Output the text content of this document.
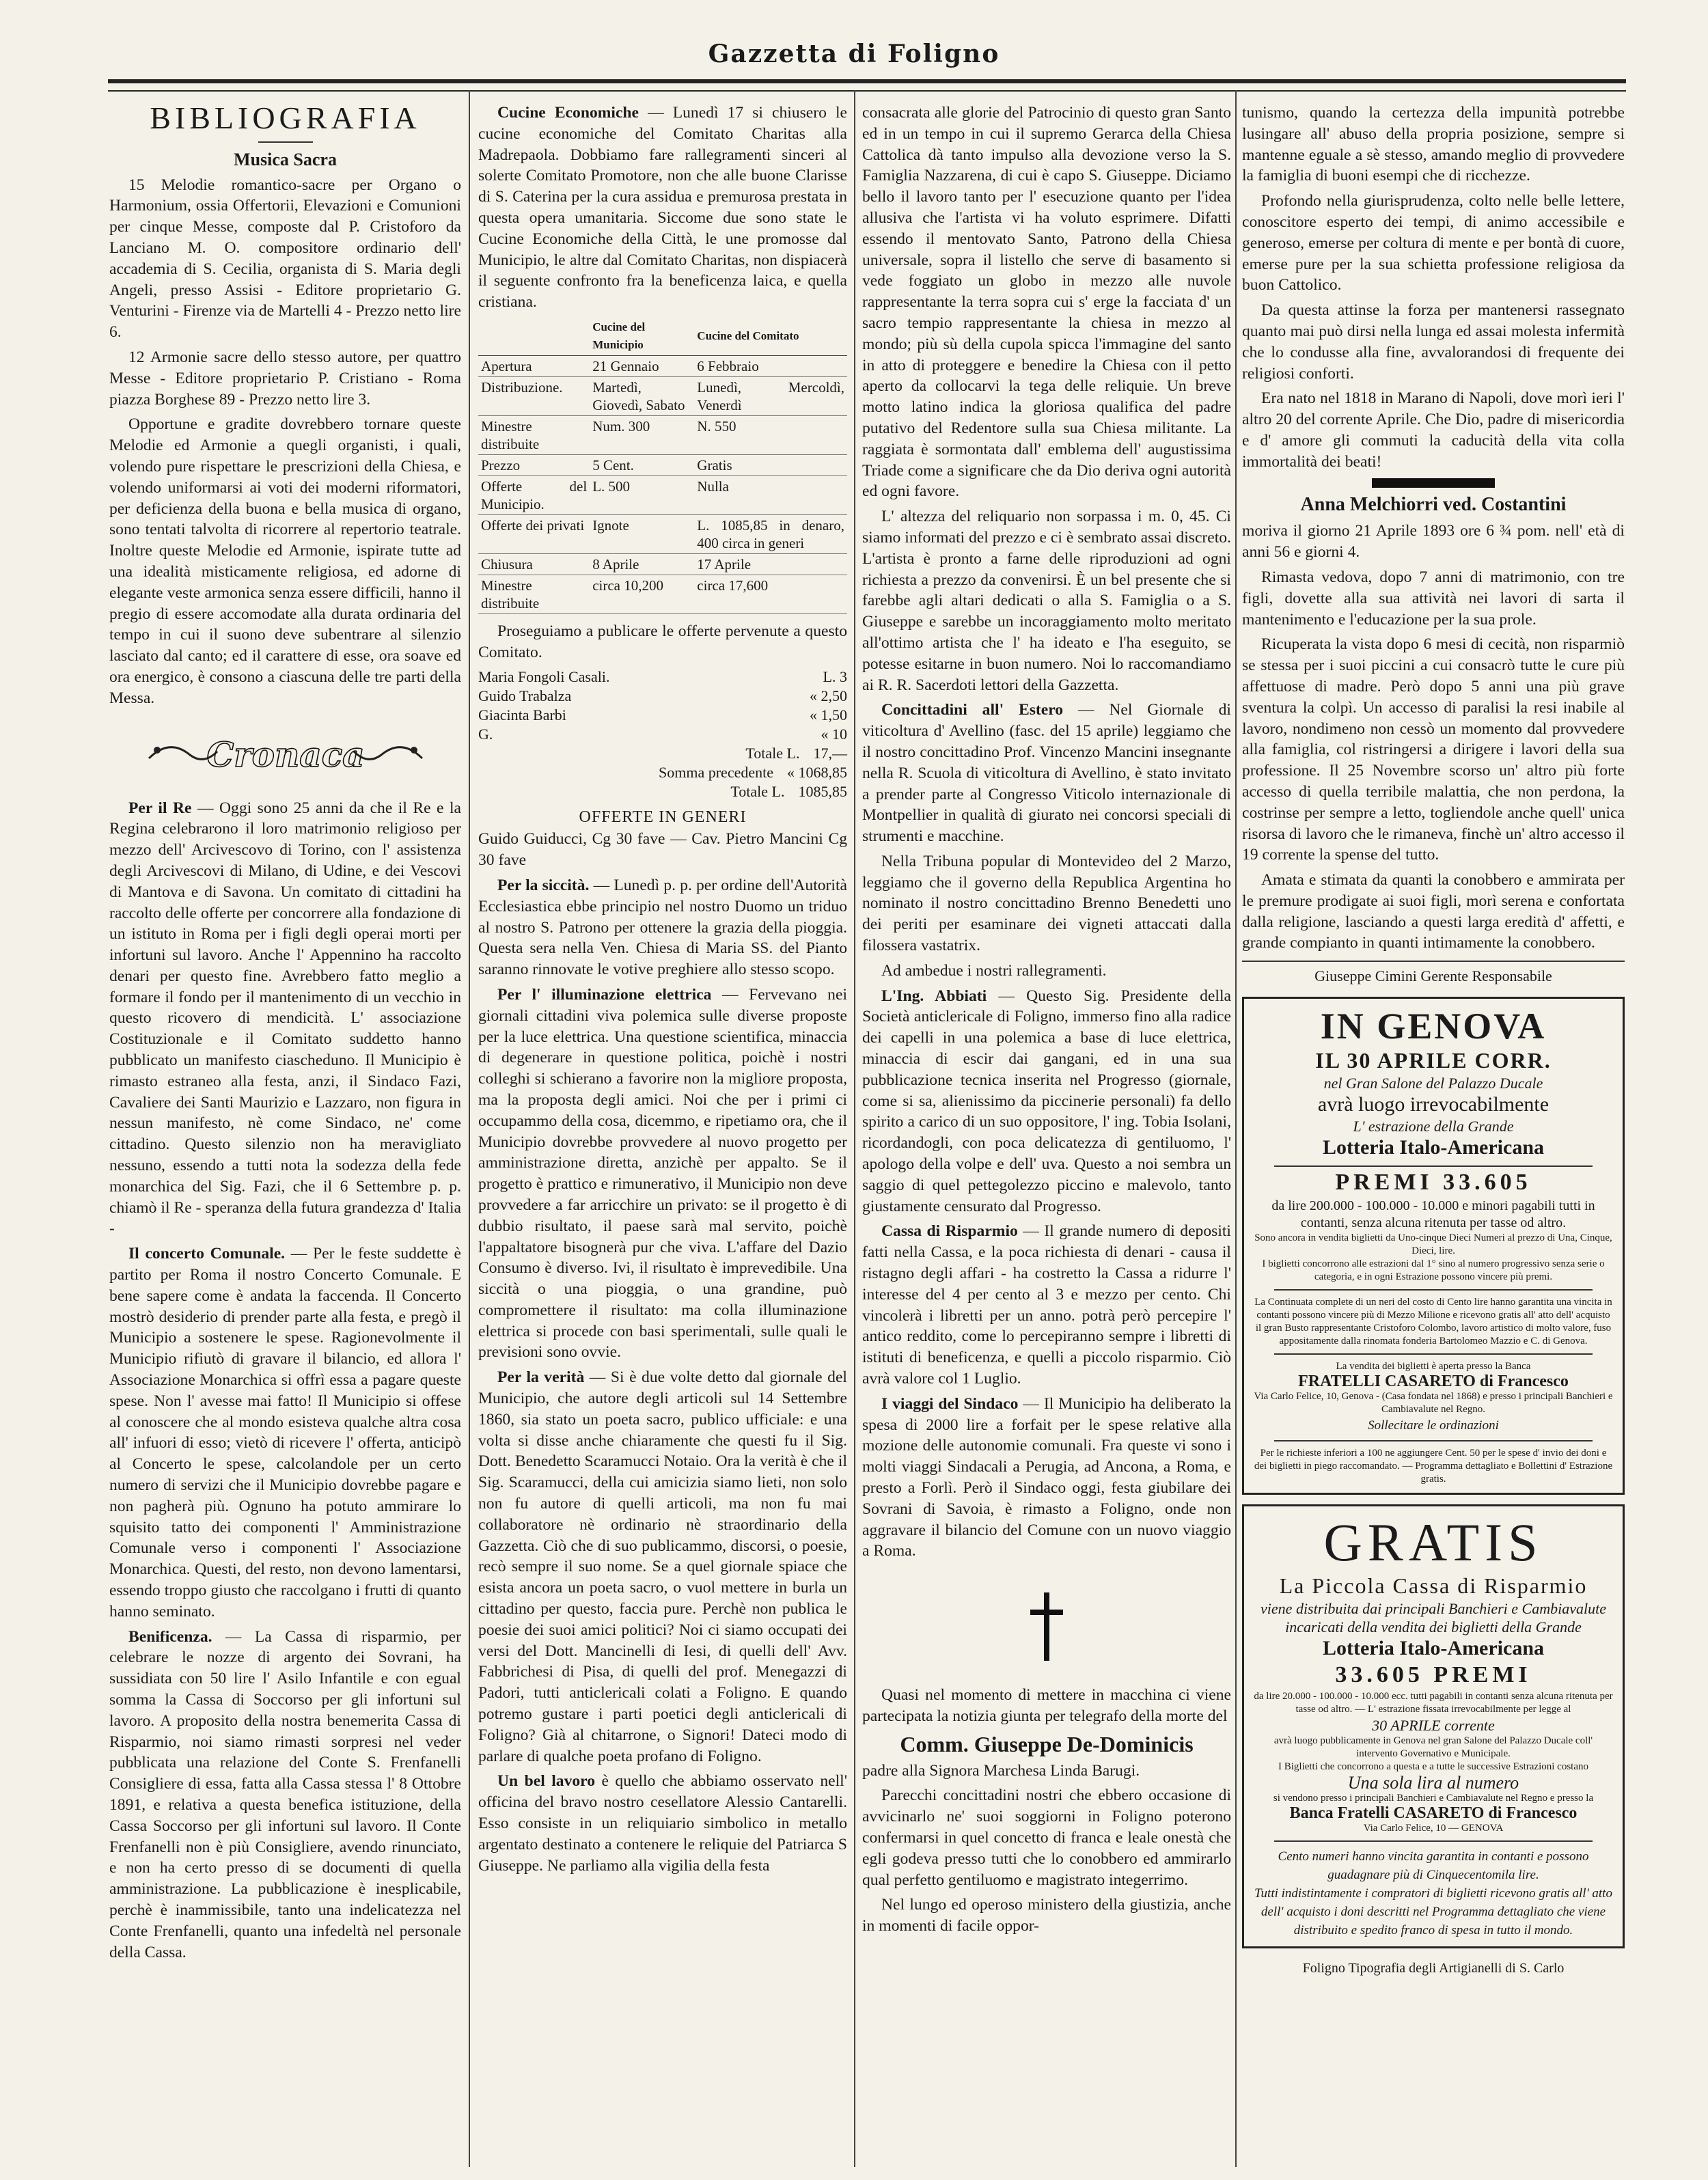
Gazzetta di Foligno
BIBLIOGRAFIA
Musica Sacra

15 Melodie romantico-sacre per Organo o Harmonium, ossia Offertorii, Elevazioni e Comunioni per cinque Messe, composte dal P. Cristoforo da Lanciano M. O. compositore ordinario dell' accademia di S. Cecilia, organista di S. Maria degli Angeli, presso Assisi - Editore proprietario G. Venturini - Firenze via de Martelli 4 - Prezzo netto lire 6.

12 Armonie sacre dello stesso autore, per quattro Messe - Editore proprietario P. Cristiano - Roma piazza Borghese 89 - Prezzo netto lire 3.

Opportune e gradite dovrebbero tornare queste Melodie ed Armonie a quegli organisti, i quali, volendo pure rispettare le prescrizioni della Chiesa, e volendo uniformarsi ai voti dei moderni riformatori, per deficienza della buona e bella musica di organo, sono tentati talvolta di ricorrere al repertorio teatrale. Inoltre queste Melodie ed Armonie, ispirate tutte ad una idealità misticamente religiosa, ed adorne di elegante veste armonica senza essere difficili, hanno il pregio di essere accomodate alla durata ordinaria del tempo in cui il suono deve subentrare al silenzio lasciato dal canto; ed il carattere di esse, ora soave ed ora energico, è consono a ciascuna delle tre parti della Messa.

Cronaca

Per il Re — Oggi sono 25 anni da che il Re e la Regina celebrarono il loro matrimonio religioso per mezzo dell' Arcivescovo di Torino, con l' assistenza degli Arcivescovi di Milano, di Udine, e dei Vescovi di Mantova e di Savona. Un comitato di cittadini ha raccolto delle offerte per concorrere alla fondazione di un istituto in Roma per i figli degli operai morti per infortuni sul lavoro. Anche l' Appennino ha raccolto denari per questo fine. Avrebbero fatto meglio a formare il fondo per il mantenimento di un vecchio in questo ricovero di mendicità. L' associazione Costituzionale e il Comitato suddetto hanno pubblicato un manifesto ciascheduno. Il Municipio è rimasto estraneo alla festa, anzi, il Sindaco Fazi, Cavaliere dei Santi Maurizio e Lazzaro, non figura in nessun manifesto, nè come Sindaco, ne' come cittadino. Questo silenzio non ha meravigliato nessuno, essendo a tutti nota la sodezza della fede monarchica del Sig. Fazi, che il 6 Settembre p. p. chiamò il Re - speranza della futura grandezza d' Italia -

Il concerto Comunale. — Per le feste suddette è partito per Roma il nostro Concerto Comunale. E bene sapere come è andata la faccenda. Il Concerto mostrò desiderio di prender parte alla festa, e pregò il Municipio a sostenere le spese. Ragionevolmente il Municipio rifiutò di gravare il bilancio, ed allora l' Associazione Monarchica si offrì essa a pagare queste spese. Non l' avesse mai fatto! Il Municipio si offese al conoscere che al mondo esisteva qualche altra cosa all' infuori di esso; vietò di ricevere l' offerta, anticipò al Concerto le spese, calcolandole per un certo numero di servizi che il Municipio dovrebbe pagare e non pagherà più. Ognuno ha potuto ammirare lo squisito tatto dei componenti l' Amministrazione Comunale verso i componenti l' Associazione Monarchica. Questi, del resto, non devono lamentarsi, essendo troppo giusto che raccolgano i frutti di quanto hanno seminato.

Benificenza. — La Cassa di risparmio, per celebrare le nozze di argento dei Sovrani, ha sussidiata con 50 lire l' Asilo Infantile e con egual somma la Cassa di Soccorso per gli infortuni sul lavoro. A proposito della nostra benemerita Cassa di Risparmio, noi siamo rimasti sorpresi nel veder pubblicata una relazione del Conte S. Frenfanelli Consigliere di essa, fatta alla Cassa stessa l' 8 Ottobre 1891, e relativa a questa benefica istituzione, della Cassa Soccorso per gli infortuni sul lavoro. Il Conte Frenfanelli non è più Consigliere, avendo rinunciato, e non ha certo presso di se documenti di quella amministrazione. La pubblicazione è inesplicabile, perchè è inammissibile, tanto una indelicatezza nel Conte Frenfanelli, quanto una infedeltà nel personale della Cassa.

Cucine Economiche — Lunedì 17 si chiusero le cucine economiche del Comitato Charitas alla Madrepaola. Dobbiamo fare rallegramenti sinceri al solerte Comitato Promotore, non che alle buone Clarisse di S. Caterina per la cura assidua e premurosa prestata in questa opera umanitaria. Siccome due sono state le Cucine Economiche della Città, le une promosse dal Municipio, le altre dal Comitato Charitas, non dispiacerà il seguente confronto fra la beneficenza laica, e quella cristiana.

	Cucine del Municipio	Cucine del Comitato
Apertura	21 Gennaio	6 Febbraio
Distribuzione.	Martedì, Giovedì, Sabato	Lunedì, Mercoldì, Venerdì
Minestre distribuite	Num. 300	N. 550
Prezzo	5 Cent.	Gratis
Offerte del Municipio.	L. 500	Nulla
Offerte dei privati	Ignote	L. 1085,85 in denaro, 400 circa in generi
Chiusura	8 Aprile	17 Aprile
Minestre distribuite	circa 10,200	circa 17,600

Proseguiamo a publicare le offerte pervenute a questo Comitato.

Maria Fongoli Casali.	L. 3
Guido Trabalza	« 2,50
Giacinta Barbi	« 1,50
G.	« 10
Totale L. 17,—
Somma precedente « 1068,85
Totale L. 1085,85
OFFERTE IN GENERI

Guido Guiducci, Cg 30 fave — Cav. Pietro Mancini Cg 30 fave

Per la siccità. — Lunedì p. p. per ordine dell'Autorità Ecclesiastica ebbe principio nel nostro Duomo un triduo al nostro S. Patrono per ottenere la grazia della pioggia. Questa sera nella Ven. Chiesa di Maria SS. del Pianto saranno rinnovate le votive preghiere allo stesso scopo.

Per l' illuminazione elettrica — Fervevano nei giornali cittadini viva polemica sulle diverse proposte per la luce elettrica. Una questione scientifica, minaccia di degenerare in questione politica, poichè i nostri colleghi si schierano a favorire non la migliore proposta, ma la proposta degli amici. Noi che per i primi ci occupammo della cosa, dicemmo, e ripetiamo ora, che il Municipio dovrebbe provvedere al nuovo progetto per amministrazione diretta, anzichè per appalto. Se il progetto è prattico e rimunerativo, il Municipio non deve provvedere a far arricchire un privato: se il progetto è di dubbio risultato, il paese sarà mal servito, poichè l'appaltatore bisognerà pur che viva. L'affare del Dazio Consumo è diverso. Ivi, il risultato è imprevedibile. Una siccità o una pioggia, o una grandine, può compromettere il risultato: ma colla illuminazione elettrica si procede con basi sperimentali, sulle quali le previsioni sono ovvie.

Per la verità — Si è due volte detto dal giornale del Municipio, che autore degli articoli sul 14 Settembre 1860, sia stato un poeta sacro, publico ufficiale: e una volta si disse anche chiaramente che questi fu il Sig. Dott. Benedetto Scaramucci Notaio. Ora la verità è che il Sig. Scaramucci, della cui amicizia siamo lieti, non solo non fu autore di quelli articoli, ma non fu mai collaboratore nè ordinario nè straordinario della Gazzetta. Ciò che di suo publicammo, discorsi, o poesie, recò sempre il suo nome. Se a quel giornale spiace che esista ancora un poeta sacro, o vuol mettere in burla un cittadino per questo, faccia pure. Perchè non publica le poesie dei suoi amici politici? Noi ci siamo occupati dei versi del Dott. Mancinelli di Iesi, di quelli dell' Avv. Fabbrichesi di Pisa, di quelli del prof. Menegazzi di Padori, tutti anticlericali colati a Foligno. E quando potremo gustare i parti poetici degli anticlericali di Foligno? Già al chitarrone, o Signori! Dateci modo di parlare di qualche poeta profano di Foligno.

Un bel lavoro è quello che abbiamo osservato nell' officina del bravo nostro cesellatore Alessio Cantarelli. Esso consiste in un reliquiario simbolico in metallo argentato destinato a contenere le reliquie del Patriarca S Giuseppe. Ne parliamo alla vigilia della festa

consacrata alle glorie del Patrocinio di questo gran Santo ed in un tempo in cui il supremo Gerarca della Chiesa Cattolica dà tanto impulso alla devozione verso la S. Famiglia Nazzarena, di cui è capo S. Giuseppe. Diciamo bello il lavoro tanto per l' esecuzione quanto per l'idea allusiva che l'artista vi ha voluto esprimere. Difatti essendo il mentovato Santo, Patrono della Chiesa universale, sopra il listello che serve di basamento si vede foggiato un globo in mezzo alle nuvole rappresentante la terra sopra cui s' erge la facciata d' un sacro tempio rappresentante la chiesa in mezzo al mondo; più sù della cupola spicca l'immagine del santo in atto di proteggere e benedire la Chiesa con il petto aperto da collocarvi la tega delle reliquie. Un breve motto latino indica la gloriosa qualifica del padre putativo del Redentore sulla sua Chiesa militante. La raggiata è sormontata dall' emblema dell' augustissima Triade come a significare che da Dio deriva ogni autorità ed ogni favore.

L' altezza del reliquario non sorpassa i m. 0, 45. Ci siamo informati del prezzo e ci è sembrato assai discreto. L'artista è pronto a farne delle riproduzioni ad ogni richiesta a prezzo da convenirsi. È un bel presente che si farebbe agli altari dedicati o alla S. Famiglia o a S. Giuseppe e sarebbe un incoraggiamento molto meritato all'ottimo artista che l' ha ideato e l'ha eseguito, se potesse esitarne in buon numero. Noi lo raccomandiamo ai R. R. Sacerdoti lettori della Gazzetta.

Concittadini all' Estero — Nel Giornale di viticoltura d' Avellino (fasc. del 15 aprile) leggiamo che il nostro concittadino Prof. Vincenzo Mancini insegnante nella R. Scuola di viticoltura di Avellino, è stato invitato a prender parte al Congresso Viticolo internazionale di Montpellier in qualità di giurato nei concorsi speciali di strumenti e macchine.

Nella Tribuna popular di Montevideo del 2 Marzo, leggiamo che il governo della Republica Argentina ho nominato il nostro concittadino Brenno Benedetti uno dei periti per esaminare dei vigneti attaccati dalla filossera vastatrix.

Ad ambedue i nostri rallegramenti.

L'Ing. Abbiati — Questo Sig. Presidente della Società anticlericale di Foligno, immerso fino alla radice dei capelli in una polemica a base di luce elettrica, minaccia di escir dai gangani, ed in una sua pubblicazione tecnica inserita nel Progresso (giornale, come si sa, alienissimo da piccinerie personali) fa dello spirito a carico di un suo oppositore, l' ing. Tobia Isolani, ricordandogli, con poca delicatezza di gentiluomo, l' apologo della volpe e dell' uva. Questo a noi sembra un saggio di quel pettegolezzo piccino e malevolo, tanto giustamente censurato dal Progresso.

Cassa di Risparmio — Il grande numero di depositi fatti nella Cassa, e la poca richiesta di denari - causa il ristagno degli affari - ha costretto la Cassa a ridurre l' interesse del 4 per cento al 3 e mezzo per cento. Chi vincolerà i libretti per un anno. potrà però percepire l' antico reddito, come lo percepiranno sempre i libretti di istituti di beneficenza, e quelli a piccolo risparmio. Ciò avrà valore col 1 Luglio.

I viaggi del Sindaco — Il Municipio ha deliberato la spesa di 2000 lire a forfait per le spese relative alla mozione delle autonomie comunali. Fra queste vi sono i molti viaggi Sindacali a Perugia, ad Ancona, a Roma, e presto a Forlì. Però il Sindaco oggi, festa giubilare dei Sovrani di Savoia, è rimasto a Foligno, onde non aggravare il bilancio del Comune con un nuovo viaggio a Roma.

Quasi nel momento di mettere in macchina ci viene partecipata la notizia giunta per telegrafo della morte del

Comm. Giuseppe De-Dominicis

padre alla Signora Marchesa Linda Barugi.

Parecchi concittadini nostri che ebbero occasione di avvicinarlo ne' suoi soggiorni in Foligno poterono confermarsi in quel concetto di franca e leale onestà che egli godeva presso tutti che lo conobbero ed ammirarlo qual perfetto gentiluomo e magistrato integerrimo.

Nel lungo ed operoso ministero della giustizia, anche in momenti di facile oppor-

tunismo, quando la certezza della impunità potrebbe lusingare all' abuso della propria posizione, sempre si mantenne eguale a sè stesso, amando meglio di provvedere la famiglia di buoni esempi che di ricchezze.

Profondo nella giurisprudenza, colto nelle belle lettere, conoscitore esperto dei tempi, di animo accessibile e generoso, emerse per coltura di mente e per bontà di cuore, emerse pure per la sua schietta professione religiosa da buon Cattolico.

Da questa attinse la forza per mantenersi rassegnato quanto mai può dirsi nella lunga ed assai molesta infermità che lo condusse alla fine, avvalorandosi di frequente dei religiosi conforti.

Era nato nel 1818 in Marano di Napoli, dove morì ieri l' altro 20 del corrente Aprile. Che Dio, padre di misericordia e d' amore gli commuti la caducità della vita colla immortalità dei beati!

Anna Melchiorri ved. Costantini

moriva il giorno 21 Aprile 1893 ore 6 ¾ pom. nell' età di anni 56 e giorni 4.

Rimasta vedova, dopo 7 anni di matrimonio, con tre figli, dovette alla sua attività nei lavori di sarta il mantenimento e l'educazione per la sua prole.

Ricuperata la vista dopo 6 mesi di cecità, non risparmiò se stessa per i suoi piccini a cui consacrò tutte le cure più affettuose di madre. Però dopo 5 anni una più grave sventura la colpì. Un accesso di paralisi la resi inabile al lavoro, nondimeno non cessò un momento dal provvedere alla famiglia, col ristringersi a dirigere i lavori della sua professione. Il 25 Novembre scorso un' altro più forte accesso di quella terribile malattia, che non perdona, la costrinse per sempre a letto, togliendole anche quell' unica risorsa di lavoro che le rimaneva, finchè un' altro accesso il 19 corrente la spense del tutto.

Amata e stimata da quanti la conobbero e ammirata per le premure prodigate ai suoi figli, morì serena e confortata dalla religione, lasciando a questi larga eredità d' affetti, e grande compianto in quanti intimamente la conobbero.

Giuseppe Cimini Gerente Responsabile
IN GENOVA
IL 30 APRILE CORR.
nel Gran Salone del Palazzo Ducale
avrà luogo irrevocabilmente
L' estrazione della Grande
Lotteria Italo-Americana
PREMI 33.605
da lire 200.000 - 100.000 - 10.000 e minori pagabili tutti in contanti, senza alcuna ritenuta per tasse od altro.
Sono ancora in vendita biglietti da Uno-cinque Dieci Numeri al prezzo di Una, Cinque, Dieci, lire.
I biglietti concorrono alle estrazioni dal 1° sino al numero progressivo senza serie o categoria, e in ogni Estrazione possono vincere più premi.
La Continuata complete di un neri del costo di Cento lire hanno garantita una vincita in contanti possono vincere più di Mezzo Milione e ricevono gratis all' atto dell' acquisto il gran Busto rappresentante Cristoforo Colombo, lavoro artistico di molto valore, fuso appositamente dalla rinomata fonderia Bartolomeo Mazzio e C. di Genova.
La vendita dei biglietti è aperta presso la Banca
FRATELLI CASARETO di Francesco
Via Carlo Felice, 10, Genova - (Casa fondata nel 1868) e presso i principali Banchieri e Cambiavalute nel Regno.
Sollecitare le ordinazioni
Per le richieste inferiori a 100 ne aggiungere Cent. 50 per le spese d' invio dei doni e dei biglietti in piego raccomandato. — Programma dettagliato e Bollettini d' Estrazione gratis.
GRATIS
La Piccola Cassa di Risparmio
viene distribuita dai principali Banchieri e Cambiavalute incaricati della vendita dei biglietti della Grande
Lotteria Italo-Americana
33.605 PREMI
da lire 20.000 - 100.000 - 10.000 ecc. tutti pagabili in contanti senza alcuna ritenuta per tasse od altro. — L' estrazione fissata irrevocabilmente per legge al
30 APRILE corrente
avrà luogo pubblicamente in Genova nel gran Salone del Palazzo Ducale coll' intervento Governativo e Municipale.
I Biglietti che concorrono a questa e a tutte le successive Estrazioni costano
Una sola lira al numero
si vendono presso i principali Banchieri e Cambiavalute nel Regno e presso la
Banca Fratelli CASARETO di Francesco
Via Carlo Felice, 10 — GENOVA
Cento numeri hanno vincita garantita in contanti e possono guadagnare più di Cinquecentomila lire.
Tutti indistintamente i compratori di biglietti ricevono gratis all' atto dell' acquisto i doni descritti nel Programma dettagliato che viene distribuito e spedito franco di spesa in tutto il mondo.
Foligno Tipografia degli Artigianelli di S. Carlo
